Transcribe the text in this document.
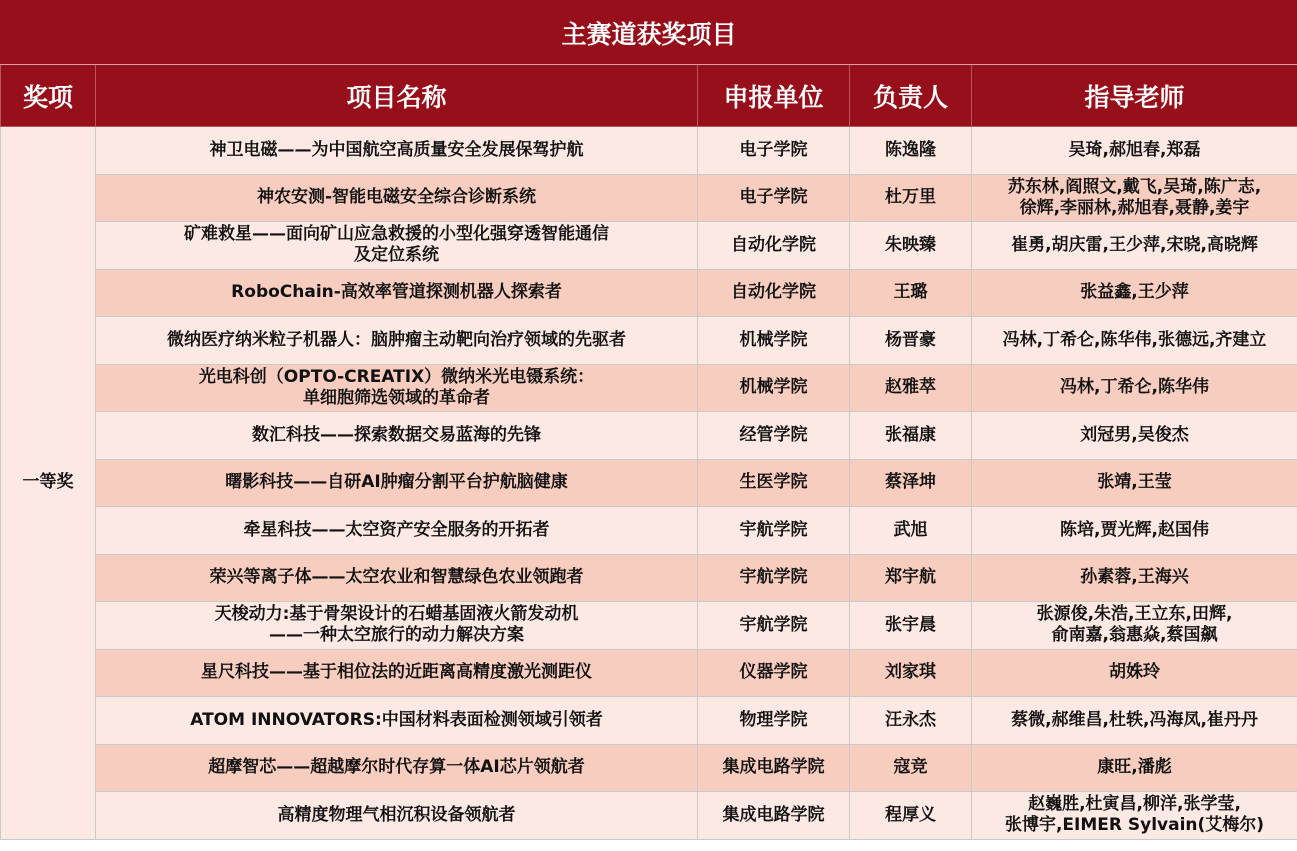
主赛道获奖项目				
奖项	项目名称	申报单位	负责人	指导老师
一等奖	神卫电磁——为中国航空高质量安全发展保驾护航	电子学院	陈逸隆	吴琦,郝旭春,郑磊
	神农安测-智能电磁安全综合诊断系统	电子学院	杜万里	苏东林,阎照文,戴飞,吴琦,陈广志,
徐辉,李丽林,郝旭春,聂静,姜宇
	矿难救星——面向矿山应急救援的小型化强穿透智能通信
及定位系统	自动化学院	朱映臻	崔勇,胡庆雷,王少萍,宋晓,高晓辉
	RoboChain-高效率管道探测机器人探索者	自动化学院	王璐	张益鑫,王少萍
	微纳医疗纳米粒子机器人：脑肿瘤主动靶向治疗领域的先驱者	机械学院	杨晋豪	冯林,丁希仑,陈华伟,张德远,齐建立
	光电科创（OPTO-CREATIX）微纳米光电镊系统：
单细胞筛选领域的革命者	机械学院	赵雅萃	冯林,丁希仑,陈华伟
	数汇科技——探索数据交易蓝海的先锋	经管学院	张福康	刘冠男,吴俊杰
	曙影科技——自研AI肿瘤分割平台护航脑健康	生医学院	蔡泽坤	张靖,王莹
	牵星科技——太空资产安全服务的开拓者	宇航学院	武旭	陈培,贾光辉,赵国伟
	荣兴等离子体——太空农业和智慧绿色农业领跑者	宇航学院	郑宇航	孙素蓉,王海兴
	天梭动力:基于骨架设计的石蜡基固液火箭发动机
——一种太空旅行的动力解决方案	宇航学院	张宇晨	张源俊,朱浩,王立东,田辉,
俞南嘉,翁惠焱,蔡国飙
	星尺科技——基于相位法的近距离高精度激光测距仪	仪器学院	刘家琪	胡姝玲
	ATOM INNOVATORS:中国材料表面检测领域引领者	物理学院	汪永杰	蔡微,郝维昌,杜轶,冯海凤,崔丹丹
	超摩智芯——超越摩尔时代存算一体AI芯片领航者	集成电路学院	寇竞	康旺,潘彪
	高精度物理气相沉积设备领航者	集成电路学院	程厚义	赵巍胜,杜寅昌,柳洋,张学莹,
张博宇,EIMER Sylvain(艾梅尔)
